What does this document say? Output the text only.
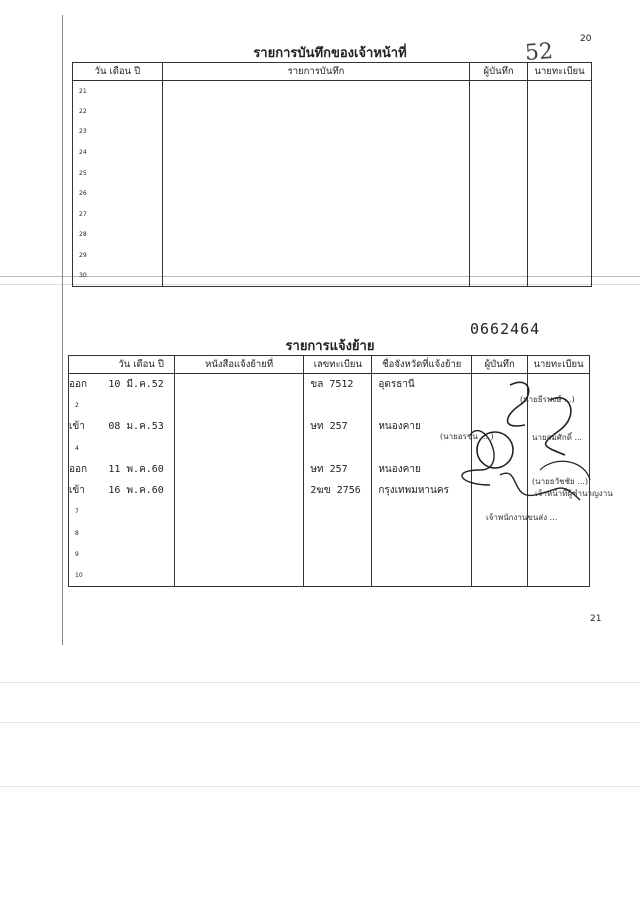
20
52
21
0662464
รายการบันทึกของเจ้าหน้าที่
วัน เดือน ปี	รายการบันทึก	ผู้บันทึก	นายทะเบียน
21			
22			
23			
24			
25			
26			
27			
28			
29			
30			
รายการแจ้งย้าย
	วัน เดือน ปี	หนังสือแจ้งย้ายที่	เลขทะเบียน	ชื่อจังหวัดที่แจ้งย้าย	ผู้บันทึก	นายทะเบียน

ออก	10 มี.ค.52		ขล 7512	อุดรธานี		

2						

เข้า	08 ม.ค.53		ษท 257	หนองคาย		

4						

ออก	11 พ.ค.60		ษท 257	หนองคาย		

เข้า	16 พ.ค.60		2ฆข 2756	กรุงเทพมหานคร		

7						

8						

9						

10						

(นายธีรพงษ์ ...)
(นายอรชุน ... )	นายสมศักดิ์ ...
(นายธวัชชัย ...)
เจ้าพนักงานขนส่ง ...
เจ้าหน้าที่ผู้ชำนาญงาน
